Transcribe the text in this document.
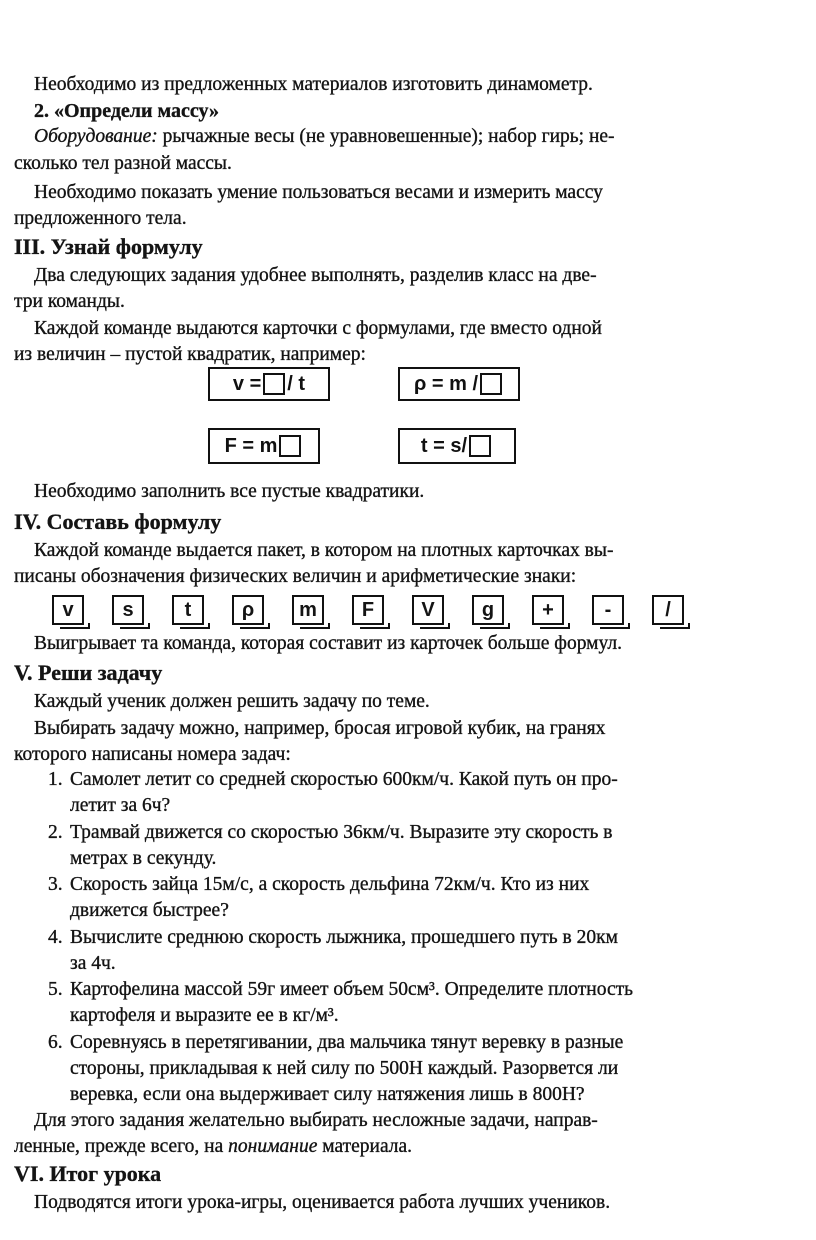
Необходимо из предложенных материалов изготовить динамометр.
2. «Определи массу»
Оборудование: рычажные весы (не уравновешенные); набор гирь; не-
сколько тел разной массы.
Необходимо показать умение пользоваться весами и измерить массу
предложенного тела.
III. Узнай формулу
Два следующих задания удобнее выполнять, разделив класс на две-
три команды.
Каждой команде выдаются карточки с формулами, где вместо одной
из величин – пустой квадратик, например:
v = / t	ρ = m /
F = m	t = s/
Необходимо заполнить все пустые квадратики.
IV. Составь формулу
Каждой команде выдается пакет, в котором на плотных карточках вы-
писаны обозначения физических величин и арифметические знаки:
v	s	t	ρ	m	F	V	g	+	-	/
Выигрывает та команда, которая составит из карточек больше формул.
V. Реши задачу
Каждый ученик должен решить задачу по теме.
Выбирать задачу можно, например, бросая игровой кубик, на гранях
которого написаны номера задач:
1. Самолет летит со средней скоростью 600км/ч. Какой путь он про-
летит за 6ч?
2. Трамвай движется со скоростью 36км/ч. Выразите эту скорость в
метрах в секунду.
3. Скорость зайца 15м/с, а скорость дельфина 72км/ч. Кто из них
движется быстрее?
4. Вычислите среднюю скорость лыжника, прошедшего путь в 20км
за 4ч.
5. Картофелина массой 59г имеет объем 50см³. Определите плотность
картофеля и выразите ее в кг/м³.
6. Соревнуясь в перетягивании, два мальчика тянут веревку в разные
стороны, прикладывая к ней силу по 500Н каждый. Разорвется ли
веревка, если она выдерживает силу натяжения лишь в 800Н?
Для этого задания желательно выбирать несложные задачи, направ-
ленные, прежде всего, на понимание материала.
VI. Итог урока
Подводятся итоги урока-игры, оценивается работа лучших учеников.
